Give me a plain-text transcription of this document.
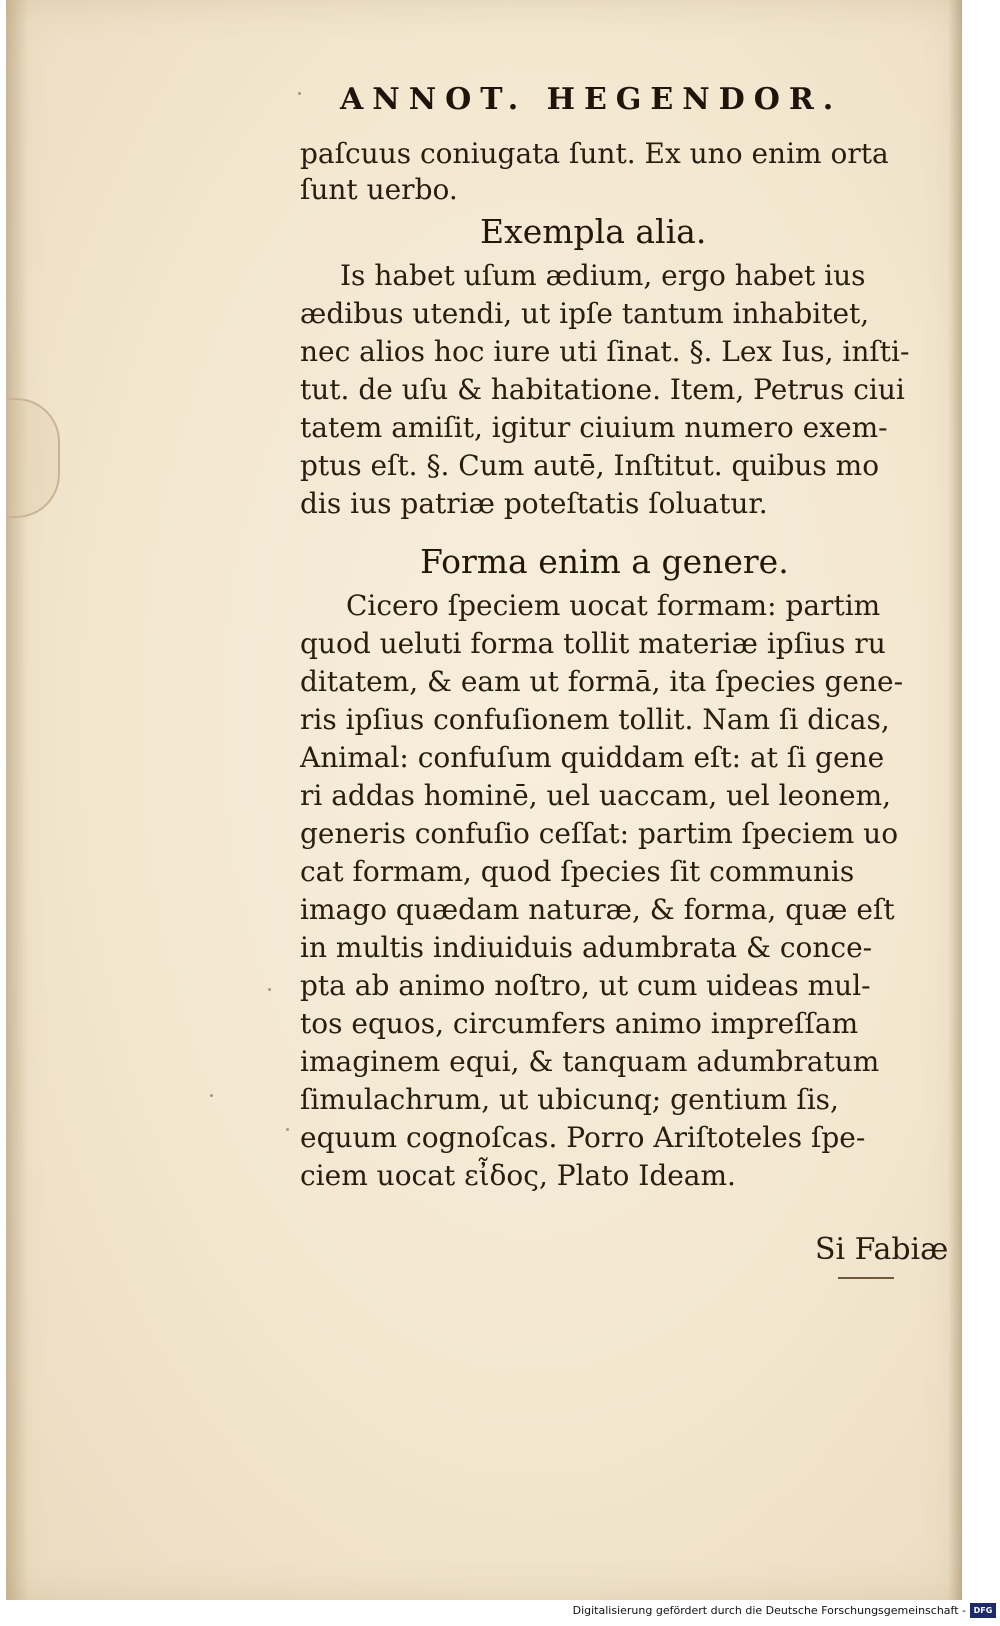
ANNOT. HEGENDOR.
paſcuus coniugata ſunt. Ex uno enim orta
ſunt uerbo.
Exempla alia.
Is habet uſum ædium, ergo habet ius
ædibus utendi, ut ipſe tantum inhabitet,
nec alios hoc iure uti ſinat. §. Lex Ius, inſti-
tut. de uſu & habitatione. Item, Petrus ciui
tatem amiſit, igitur ciuium numero exem-
ptus eſt. §. Cum autē, Inſtitut. quibus mo
dis ius patriæ poteſtatis ſoluatur.
Forma enim a genere.
Cicero ſpeciem uocat formam: partim
quod ueluti forma tollit materiæ ipſius ru
ditatem, & eam ut formā, ita ſpecies gene-
ris ipſius confuſionem tollit. Nam ſi dicas,
Animal: confuſum quiddam eſt: at ſi gene
ri addas hominē, uel uaccam, uel leonem,
generis confuſio ceſſat: partim ſpeciem uo
cat formam, quod ſpecies ſit communis
imago quædam naturæ, & forma, quæ eſt
in multis indiuiduis adumbrata & conce-
pta ab animo noſtro, ut cum uideas mul-
tos equos, circumfers animo impreſſam
imaginem equi, & tanquam adumbratum
ſimulachrum, ut ubicunq; gentium ſis,
equum cognoſcas. Porro Ariſtoteles ſpe-
ciem uocat εἶδος, Plato Ideam.
Si Fabiæ
Digitalisierung gefördert durch die Deutsche Forschungsgemeinschaft - DFG
